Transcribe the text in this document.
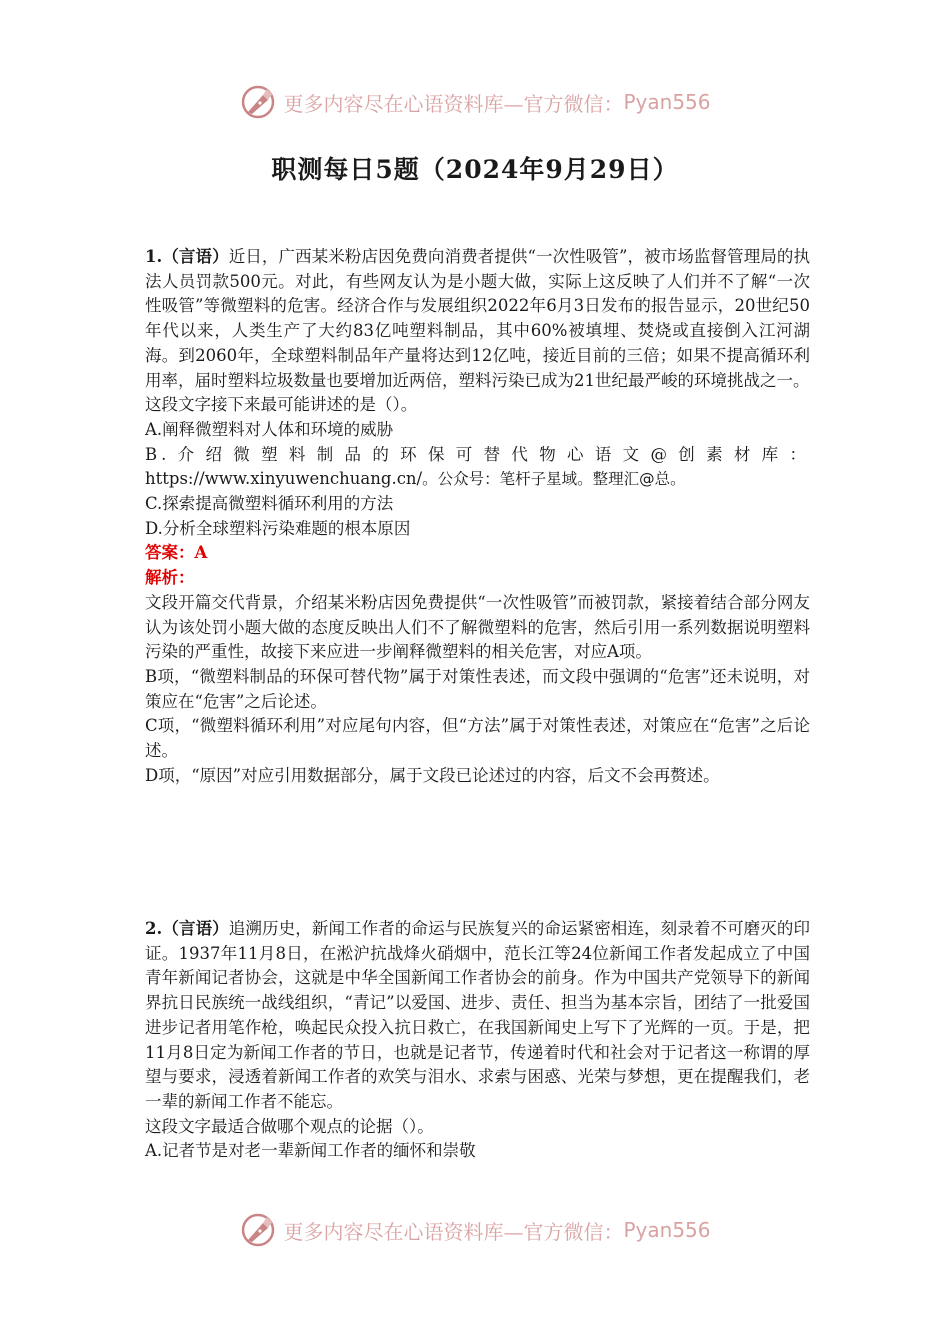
更多内容尽在心语资料库—官方微信： Pyan556
职测每日5题（2024年9月29日）

1.（言语）近日，广西某米粉店因免费向消费者提供“一次性吸管”，被市场监督管理局的执法人员罚款500元。对此，有些网友认为是小题大做，实际上这反映了人们并不了解“一次性吸管”等微塑料的危害。经济合作与发展组织2022年6月3日发布的报告显示，20世纪50年代以来，人类生产了大约83亿吨塑料制品，其中60%被填埋、焚烧或直接倒入江河湖海。到2060年，全球塑料制品年产量将达到12亿吨，接近目前的三倍；如果不提高循环利用率，届时塑料垃圾数量也要增加近两倍，塑料污染已成为21世纪最严峻的环境挑战之一。

这段文字接下来最可能讲述的是（）。

A.阐释微塑料对人体和环境的威胁

B.介绍微塑料制品的环保可替代物心语文@创素材库： https://www.xinyuwenchuang.cn/。公众号：笔杆子星域。整理汇@总。

C.探索提高微塑料循环利用的方法

D.分析全球塑料污染难题的根本原因

答案：A

解析：

文段开篇交代背景，介绍某米粉店因免费提供“一次性吸管”而被罚款，紧接着结合部分网友认为该处罚小题大做的态度反映出人们不了解微塑料的危害，然后引用一系列数据说明塑料污染的严重性，故接下来应进一步阐释微塑料的相关危害，对应A项。

B项，“微塑料制品的环保可替代物”属于对策性表述，而文段中强调的“危害”还未说明，对策应在“危害”之后论述。

C项，“微塑料循环利用”对应尾句内容，但“方法”属于对策性表述，对策应在“危害”之后论述。

D项，“原因”对应引用数据部分，属于文段已论述过的内容，后文不会再赘述。

2.（言语）追溯历史，新闻工作者的命运与民族复兴的命运紧密相连，刻录着不可磨灭的印证。1937年11月8日，在淞沪抗战烽火硝烟中，范长江等24位新闻工作者发起成立了中国青年新闻记者协会，这就是中华全国新闻工作者协会的前身。作为中国共产党领导下的新闻界抗日民族统一战线组织，“青记”以爱国、进步、责任、担当为基本宗旨，团结了一批爱国进步记者用笔作枪，唤起民众投入抗日救亡，在我国新闻史上写下了光辉的一页。于是，把11月8日定为新闻工作者的节日，也就是记者节，传递着时代和社会对于记者这一称谓的厚望与要求，浸透着新闻工作者的欢笑与泪水、求索与困惑、光荣与梦想，更在提醒我们，老一辈的新闻工作者不能忘。

这段文字最适合做哪个观点的论据（）。

A.记者节是对老一辈新闻工作者的缅怀和崇敬

更多内容尽在心语资料库—官方微信： Pyan556
